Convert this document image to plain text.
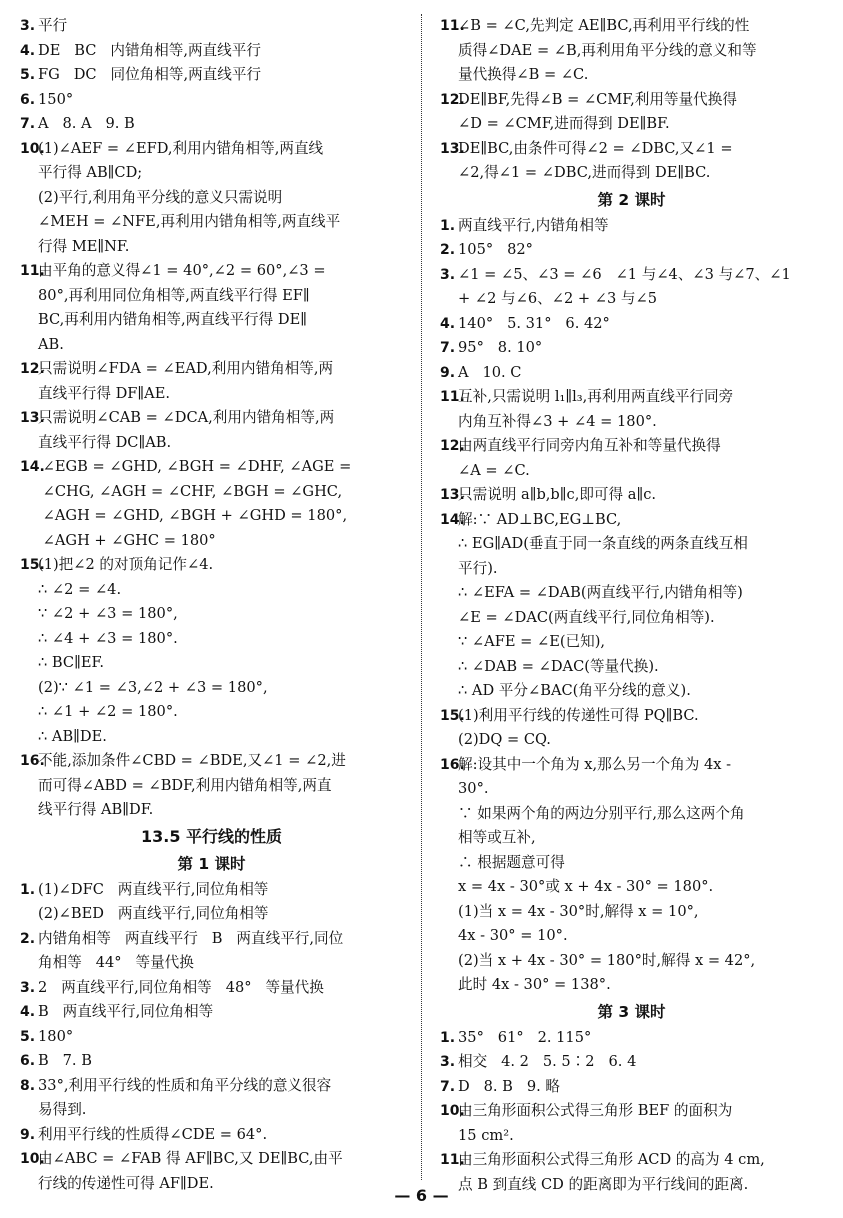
3. 平行
4. DE   BC   内错角相等,两直线平行
5. FG   DC   同位角相等,两直线平行
6. 150°
7. A   8. A   9. B
10.
(1)∠AEF = ∠EFD,利用内错角相等,两直线
平行得 AB∥CD;
(2)平行,利用角平分线的意义只需说明
∠MEH = ∠NFE,再利用内错角相等,两直线平
行得 ME∥NF.
11.
由平角的意义得∠1 = 40°,∠2 = 60°,∠3 =
80°,再利用同位角相等,两直线平行得 EF∥
BC,再利用内错角相等,两直线平行得 DE∥
AB.
12.
只需说明∠FDA = ∠EAD,利用内错角相等,两
直线平行得 DF∥AE.
13.
只需说明∠CAB = ∠DCA,利用内错角相等,两
直线平行得 DC∥AB.
14.
∠EGB = ∠GHD, ∠BGH = ∠DHF, ∠AGE =
∠CHG, ∠AGH = ∠CHF, ∠BGH = ∠GHC,
∠AGH = ∠GHD, ∠BGH + ∠GHD = 180°,
∠AGH + ∠GHC = 180°
15.
(1)把∠2 的对顶角记作∠4.
∴ ∠2 = ∠4.
∵ ∠2 + ∠3 = 180°,
∴ ∠4 + ∠3 = 180°.
∴ BC∥EF.
(2)∵ ∠1 = ∠3,∠2 + ∠3 = 180°,
∴ ∠1 + ∠2 = 180°.
∴ AB∥DE.
16.
不能,添加条件∠CBD = ∠BDE,又∠1 = ∠2,进
而可得∠ABD = ∠BDF,利用内错角相等,两直
线平行得 AB∥DF.
13.5 平行线的性质
第 1 课时
1. (1)∠DFC   两直线平行,同位角相等
(2)∠BED   两直线平行,同位角相等
2. 内错角相等   两直线平行   B   两直线平行,同位
角相等   44°   等量代换
3. 2   两直线平行,同位角相等   48°   等量代换
4. B   两直线平行,同位角相等
5. 180°
6. B   7. B
8. 33°,利用平行线的性质和角平分线的意义很容
易得到.
9. 利用平行线的性质得∠CDE = 64°.
10.
由∠ABC = ∠FAB 得 AF∥BC,又 DE∥BC,由平
行线的传递性可得 AF∥DE.
11.
∠B = ∠C,先判定 AE∥BC,再利用平行线的性
质得∠DAE = ∠B,再利用角平分线的意义和等
量代换得∠B = ∠C.
12.
DE∥BF,先得∠B = ∠CMF,利用等量代换得
∠D = ∠CMF,进而得到 DE∥BF.
13.
DE∥BC,由条件可得∠2 = ∠DBC,又∠1 =
∠2,得∠1 = ∠DBC,进而得到 DE∥BC.
第 2 课时
1. 两直线平行,内错角相等
2. 105°   82°
3. ∠1 = ∠5、∠3 = ∠6   ∠1 与∠4、∠3 与∠7、∠1
+ ∠2 与∠6、∠2 + ∠3 与∠5
4. 140°   5. 31°   6. 42°
7. 95°   8. 10°
9. A   10. C
11.
互补,只需说明 l₁∥l₃,再利用两直线平行同旁
内角互补得∠3 + ∠4 = 180°.
12.
由两直线平行同旁内角互补和等量代换得
∠A = ∠C.
13.
只需说明 a∥b,b∥c,即可得 a∥c.
14.
解:∵ AD⊥BC,EG⊥BC,
∴ EG∥AD(垂直于同一条直线的两条直线互相
平行).
∴ ∠EFA = ∠DAB(两直线平行,内错角相等)
∠E = ∠DAC(两直线平行,同位角相等).
∵ ∠AFE = ∠E(已知),
∴ ∠DAB = ∠DAC(等量代换).
∴ AD 平分∠BAC(角平分线的意义).
15.
(1)利用平行线的传递性可得 PQ∥BC.
(2)DQ = CQ.
16.
解:设其中一个角为 x,那么另一个角为 4x -
30°.
∵ 如果两个角的两边分别平行,那么这两个角
相等或互补,
∴ 根据题意可得
x = 4x - 30°或 x + 4x - 30° = 180°.
(1)当 x = 4x - 30°时,解得 x = 10°,
4x - 30° = 10°.
(2)当 x + 4x - 30° = 180°时,解得 x = 42°,
此时 4x - 30° = 138°.
第 3 课时
1. 35°   61°   2. 115°
3. 相交   4. 2   5. 5∶2   6. 4
7. D   8. B   9. 略
10.
由三角形面积公式得三角形 BEF 的面积为
15 cm².
11.
由三角形面积公式得三角形 ACD 的高为 4 cm,
点 B 到直线 CD 的距离即为平行线间的距离.
— 6 —
